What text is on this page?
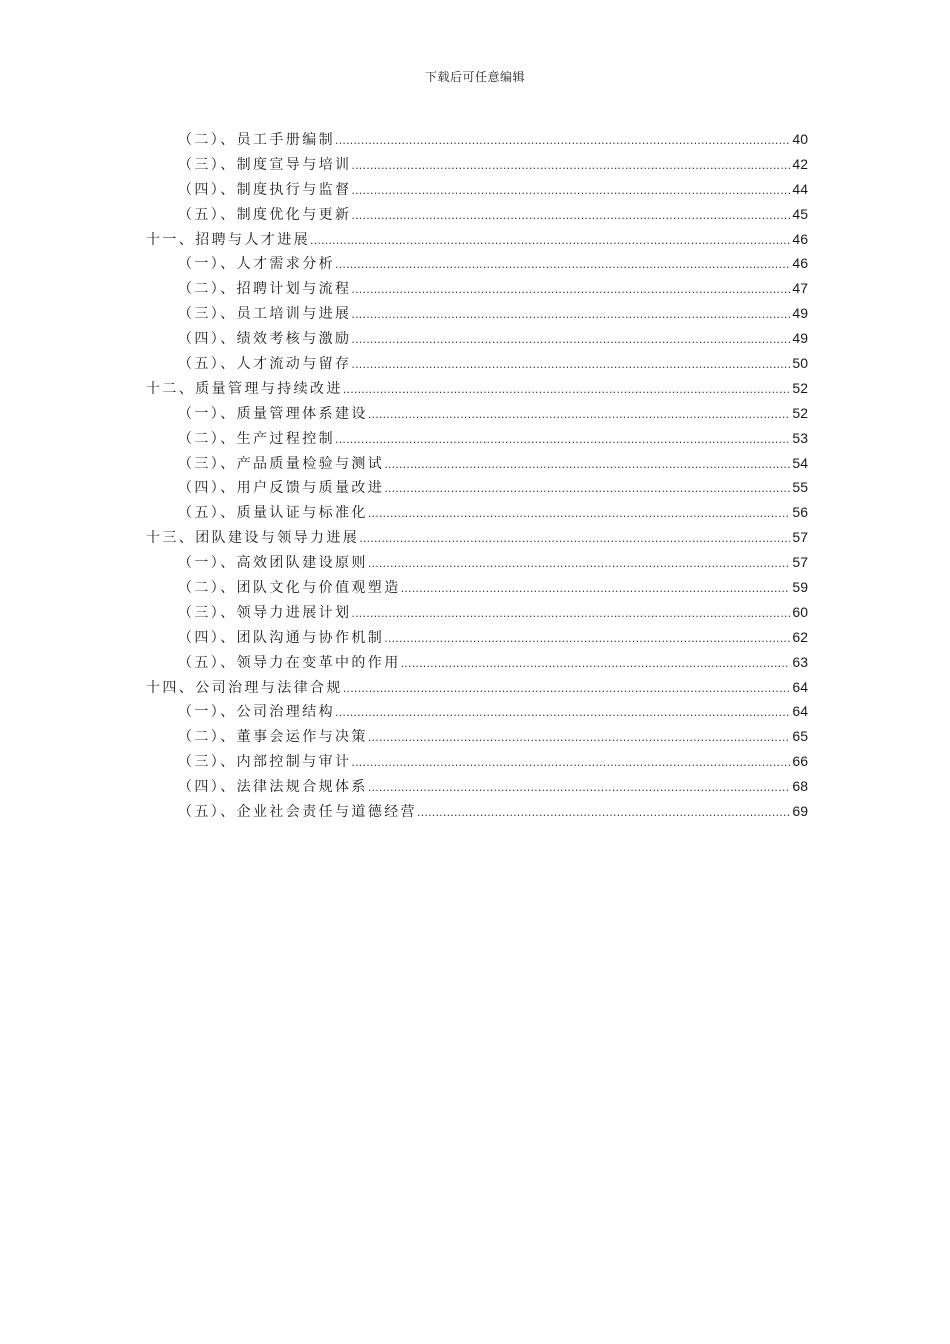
下载后可任意编辑
（二）、员工手册编制 .....	40
（三）、制度宣导与培训 .....	42
（四）、制度执行与监督 .....	44
（五）、制度优化与更新 .....	45
十一、招聘与人才进展 .....	46
（一）、人才需求分析 .....	46
（二）、招聘计划与流程 .....	47
（三）、员工培训与进展 .....	49
（四）、绩效考核与激励 .....	49
（五）、人才流动与留存 .....	50
十二、质量管理与持续改进 .....	52
（一）、质量管理体系建设 .....	52
（二）、生产过程控制 .....	53
（三）、产品质量检验与测试 .....	54
（四）、用户反馈与质量改进 .....	55
（五）、质量认证与标准化 .....	56
十三、团队建设与领导力进展 .....	57
（一）、高效团队建设原则 .....	57
（二）、团队文化与价值观塑造 .....	59
（三）、领导力进展计划 .....	60
（四）、团队沟通与协作机制 .....	62
（五）、领导力在变革中的作用 .....	63
十四、公司治理与法律合规 .....	64
（一）、公司治理结构 .....	64
（二）、董事会运作与决策 .....	65
（三）、内部控制与审计 .....	66
（四）、法律法规合规体系 .....	68
（五）、企业社会责任与道德经营 .....	69
